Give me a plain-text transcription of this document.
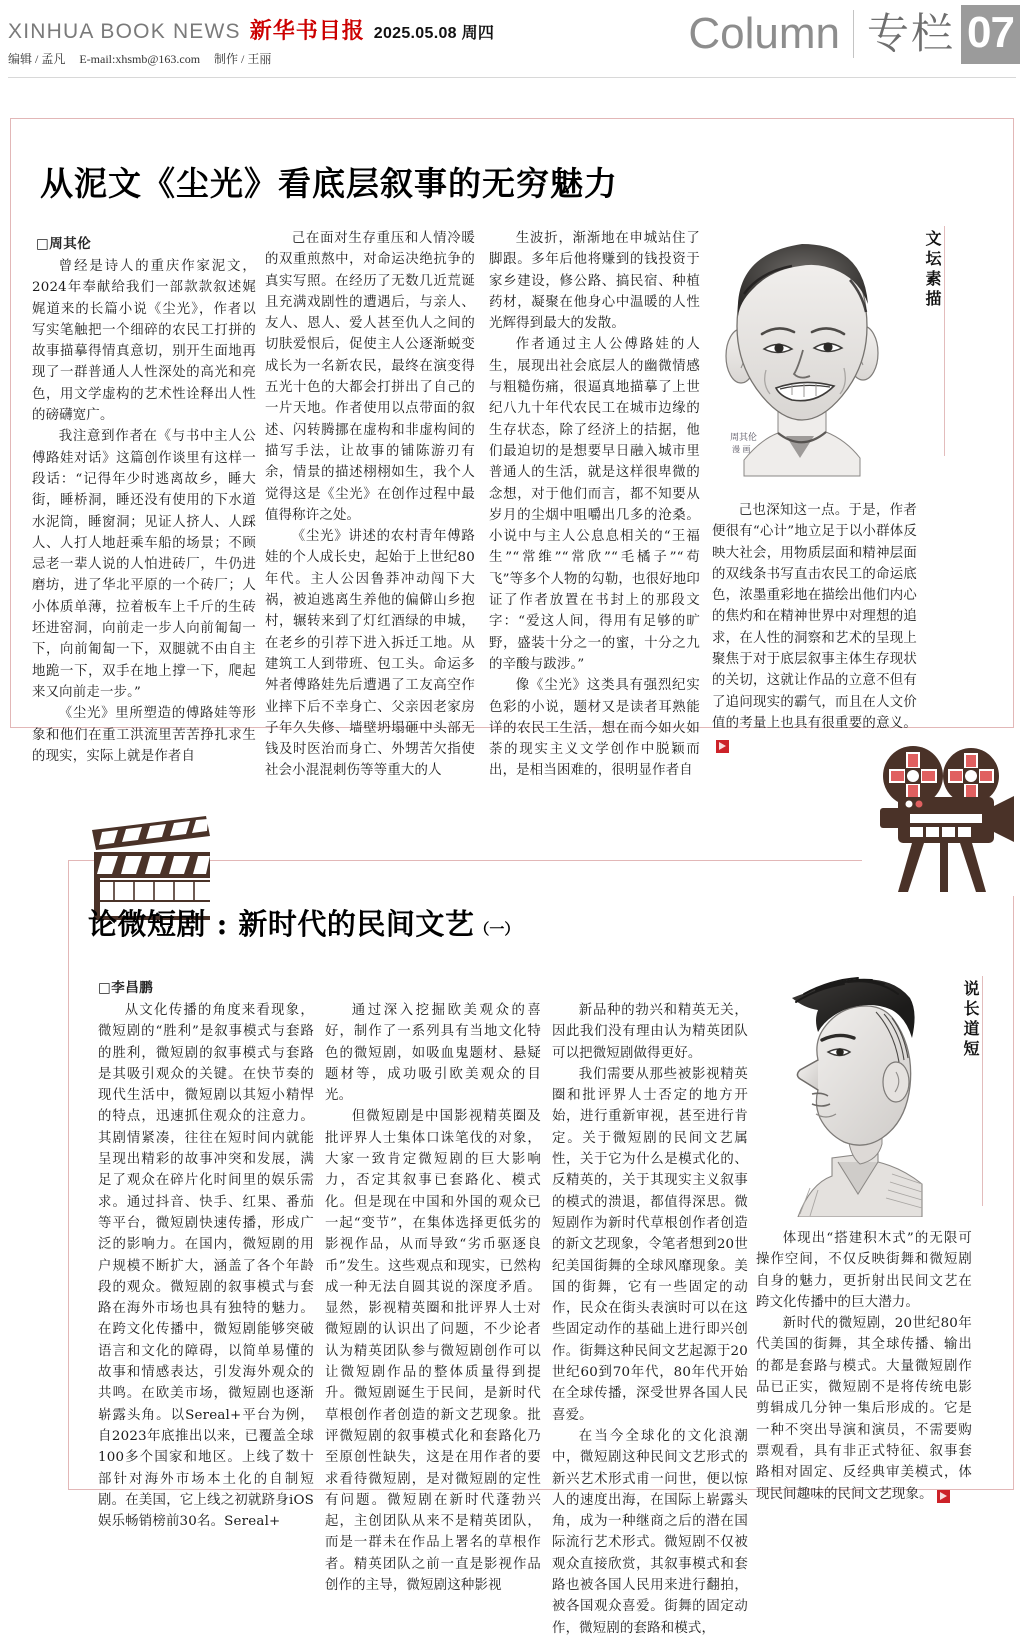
XINHUA BOOK NEWS 新华书目报 2025.05.08 周四
编辑 / 孟凡 E-mail:xhsmb@163.com 制作 / 王丽
Column 专栏 07
从泥文《尘光》看底层叙事的无穷魅力
□周其伦

曾经是诗人的重庆作家泥文，2024年奉献给我们一部款款叙述娓娓道来的长篇小说《尘光》，作者以写实笔触把一个细碎的农民工打拼的故事描摹得情真意切，别开生面地再现了一群普通人人性深处的高光和亮色，用文学虚构的艺术性诠释出人性的磅礴宽广。

我注意到作者在《与书中主人公傅路娃对话》这篇创作谈里有这样一段话：“记得年少时逃离故乡，睡大街，睡桥洞，睡还没有使用的下水道水泥筒，睡窗洞；见证人挤人、人踩人、人打人地赶乘车船的场景；不顾忌老一辈人说的人怕进砖厂，牛仍进磨坊，进了华北平原的一个砖厂；人小体质单薄，拉着板车上千斤的生砖坯进窑洞，向前走一步人向前匍匐一下，向前匍匐一下，双腿就不由自主地跪一下，双手在地上撑一下，爬起来又向前走一步。”

《尘光》里所塑造的傅路娃等形象和他们在重工洪流里苦苦挣扎求生的现实，实际上就是作者自

己在面对生存重压和人情冷暖的双重煎熬中，对命运决绝抗争的真实写照。在经历了无数几近荒诞且充满戏剧性的遭遇后，与亲人、友人、恩人、爱人甚至仇人之间的切肤爱恨后，促使主人公逐渐蜕变成长为一名新农民，最终在演变得五光十色的大都会打拼出了自己的一片天地。作者使用以点带面的叙述、闪转腾挪在虚构和非虚构间的描写手法，让故事的铺陈游刃有余，情景的描述栩栩如生，我个人觉得这是《尘光》在创作过程中最值得称许之处。

《尘光》讲述的农村青年傅路娃的个人成长史，起始于上世纪80年代。主人公因鲁莽冲动闯下大祸，被迫逃离生养他的偏僻山乡抱村，辗转来到了灯红酒绿的申城，在老乡的引荐下进入拆迁工地。从建筑工人到带班、包工头。命运多舛者傅路娃先后遭遇了工友高空作业摔下后不幸身亡、父亲因老家房子年久失修、墙壁坍塌砸中头部无钱及时医治而身亡、外甥苦欠指使社会小混混刺伤等等重大的人

生波折，渐渐地在申城站住了脚跟。多年后他将赚到的钱投资于家乡建设，修公路、搞民宿、种植药材，凝聚在他身心中温暖的人性光辉得到最大的发散。

作者通过主人公傅路娃的人生，展现出社会底层人的幽微情感与粗糙伤痛，很逼真地描摹了上世纪八九十年代农民工在城市边缘的生存状态，除了经济上的拮据，他们最迫切的是想要早日融入城市里普通人的生活，就是这样很卑微的念想，对于他们而言，都不知要从岁月的尘烟中咀嚼出几多的沧桑。小说中与主人公息息相关的“王福生”“常维”“常欣”“毛橘子”“苟飞”等多个人物的勾勒，也很好地印证了作者放置在书封上的那段文字：“爱这人间，得用有足够的旷野，盛装十分之一的蜜，十分之九的辛酸与跋涉。”

像《尘光》这类具有强烈纪实色彩的小说，题材又是读者耳熟能详的农民工生活，想在而今如火如荼的现实主义文学创作中脱颖而出，是相当困难的，很明显作者自

己也深知这一点。于是，作者便很有“心计”地立足于以小群体反映大社会，用物质层面和精神层面的双线条书写直击农民工的命运底色，浓墨重彩地在描绘出他们内心的焦灼和在精神世界中对理想的追求，在人性的洞察和艺术的呈现上聚焦于对于底层叙事主体生存现状的关切，这就让作品的立意不但有了追问现实的霸气，而且在人文价值的考量上也具有很重要的意义。

周其伦
漫 画
文坛素描
论微短剧 : 新时代的民间文艺（一）
□李昌鹏

从文化传播的角度来看现象，微短剧的“胜利”是叙事模式与套路的胜利，微短剧的叙事模式与套路是其吸引观众的关键。在快节奏的现代生活中，微短剧以其短小精悍的特点，迅速抓住观众的注意力。其剧情紧凑，往往在短时间内就能呈现出精彩的故事冲突和发展，满足了观众在碎片化时间里的娱乐需求。通过抖音、快手、红果、番茄等平台，微短剧快速传播，形成广泛的影响力。在国内，微短剧的用户规模不断扩大，涵盖了各个年龄段的观众。微短剧的叙事模式与套路在海外市场也具有独特的魅力。在跨文化传播中，微短剧能够突破语言和文化的障碍，以简单易懂的故事和情感表达，引发海外观众的共鸣。在欧美市场，微短剧也逐渐崭露头角。以Sereal+平台为例，自2023年底推出以来，已覆盖全球100多个国家和地区。上线了数十部针对海外市场本土化的自制短剧。在美国，它上线之初就跻身iOS 娱乐畅销榜前30名。Sereal+

通过深入挖掘欧美观众的喜好，制作了一系列具有当地文化特色的微短剧，如吸血鬼题材、悬疑题材等，成功吸引欧美观众的目光。

但微短剧是中国影视精英圈及批评界人士集体口诛笔伐的对象，大家一致肯定微短剧的巨大影响力，否定其叙事已套路化、模式化。但是现在中国和外国的观众已一起“变节”，在集体选择更低劣的影视作品，从而导致“劣币驱逐良币”发生。这些观点和现实，已然构成一种无法自圆其说的深度矛盾。显然，影视精英圈和批评界人士对微短剧的认识出了问题，不少论者认为精英团队参与微短剧创作可以让微短剧作品的整体质量得到提升。微短剧诞生于民间，是新时代草根创作者创造的新文艺现象。批评微短剧的叙事模式化和套路化乃至原创性缺失，这是在用作者的要求看待微短剧，是对微短剧的定性有问题。微短剧在新时代蓬勃兴起，主创团队从来不是精英团队，而是一群未在作品上署名的草根作者。精英团队之前一直是影视作品创作的主导，微短剧这种影视

新品种的勃兴和精英无关，因此我们没有理由认为精英团队可以把微短剧做得更好。

我们需要从那些被影视精英圈和批评界人士否定的地方开始，进行重新审视，甚至进行肯定。关于微短剧的民间文艺属性，关于它为什么是模式化的、反精英的，关于其现实主义叙事的模式的溃退，都值得深思。微短剧作为新时代草根创作者创造的新文艺现象，令笔者想到20世纪美国街舞的全球风靡现象。美国的街舞，它有一些固定的动作，民众在街头表演时可以在这些固定动作的基础上进行即兴创作。街舞这种民间文艺起源于20世纪60到70年代，80年代开始在全球传播，深受世界各国人民喜爱。

在当今全球化的文化浪潮中，微短剧这种民间文艺形式的新兴艺术形式甫一问世，便以惊人的速度出海，在国际上崭露头角，成为一种继商之后的潜在国际流行艺术形式。微短剧不仅被观众直接欣赏，其叙事模式和套路也被各国人民用来进行翻拍，被各国观众喜爱。街舞的固定动作，微短剧的套路和模式，

体现出“搭建积木式”的无限可操作空间，不仅反映街舞和微短剧自身的魅力，更折射出民间文艺在跨文化传播中的巨大潜力。

新时代的微短剧，20世纪80年代美国的街舞，其全球传播、输出的都是套路与模式。大量微短剧作品已正实，微短剧不是将传统电影剪辑成几分钟一集后形成的。它是一种不突出导演和演员，不需要购票观看，具有非正式特征、叙事套路相对固定、反经典审美模式，体现民间趣味的民间文艺现象。

说长道短
